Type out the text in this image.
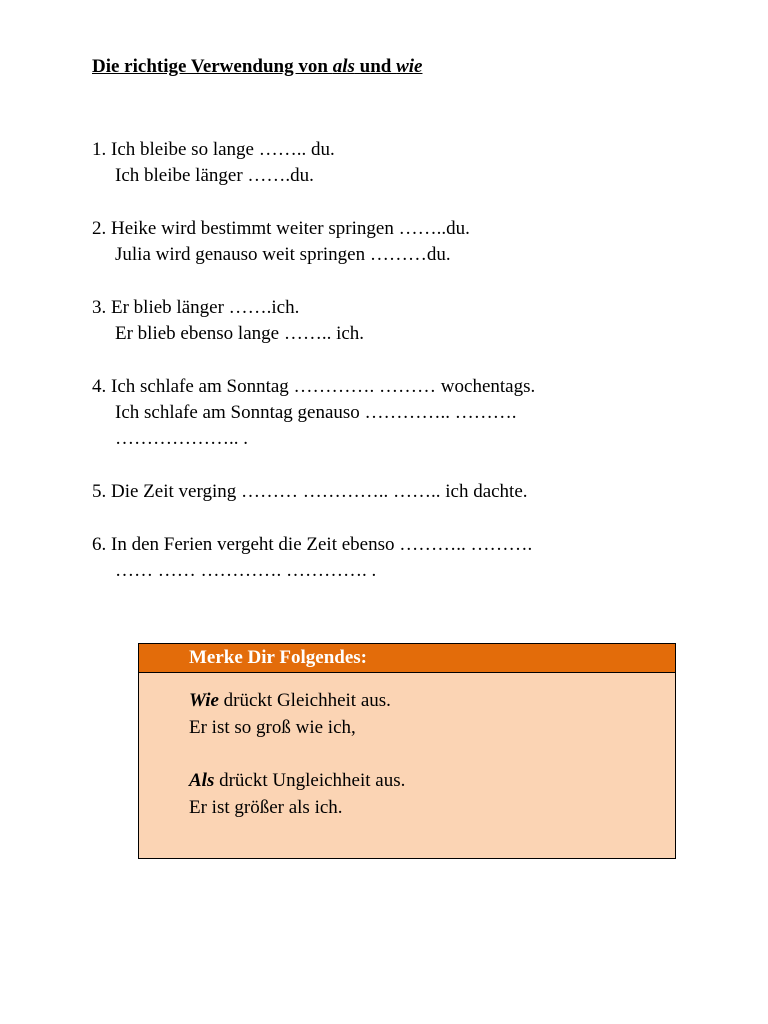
Die richtige Verwendung von als und wie
1. Ich bleibe so lange …….. du.
Ich bleibe länger …….du.
2. Heike wird bestimmt weiter springen ……..du.
Julia wird genauso weit springen ………du.
3. Er blieb länger …….ich.
Er blieb ebenso lange …….. ich.
4. Ich schlafe am Sonntag …………. ……… wochentags.
Ich schlafe am Sonntag genauso ………….. ……….
……………….. .
5. Die Zeit verging ……… ………….. …….. ich dachte.
6. In den Ferien vergeht die Zeit ebenso ……….. ……….
…… …… …………. …………. .
Merke Dir Folgendes:
Wie drückt Gleichheit aus.
Er ist so groß wie ich,
Als drückt Ungleichheit aus.
Er ist größer als ich.
